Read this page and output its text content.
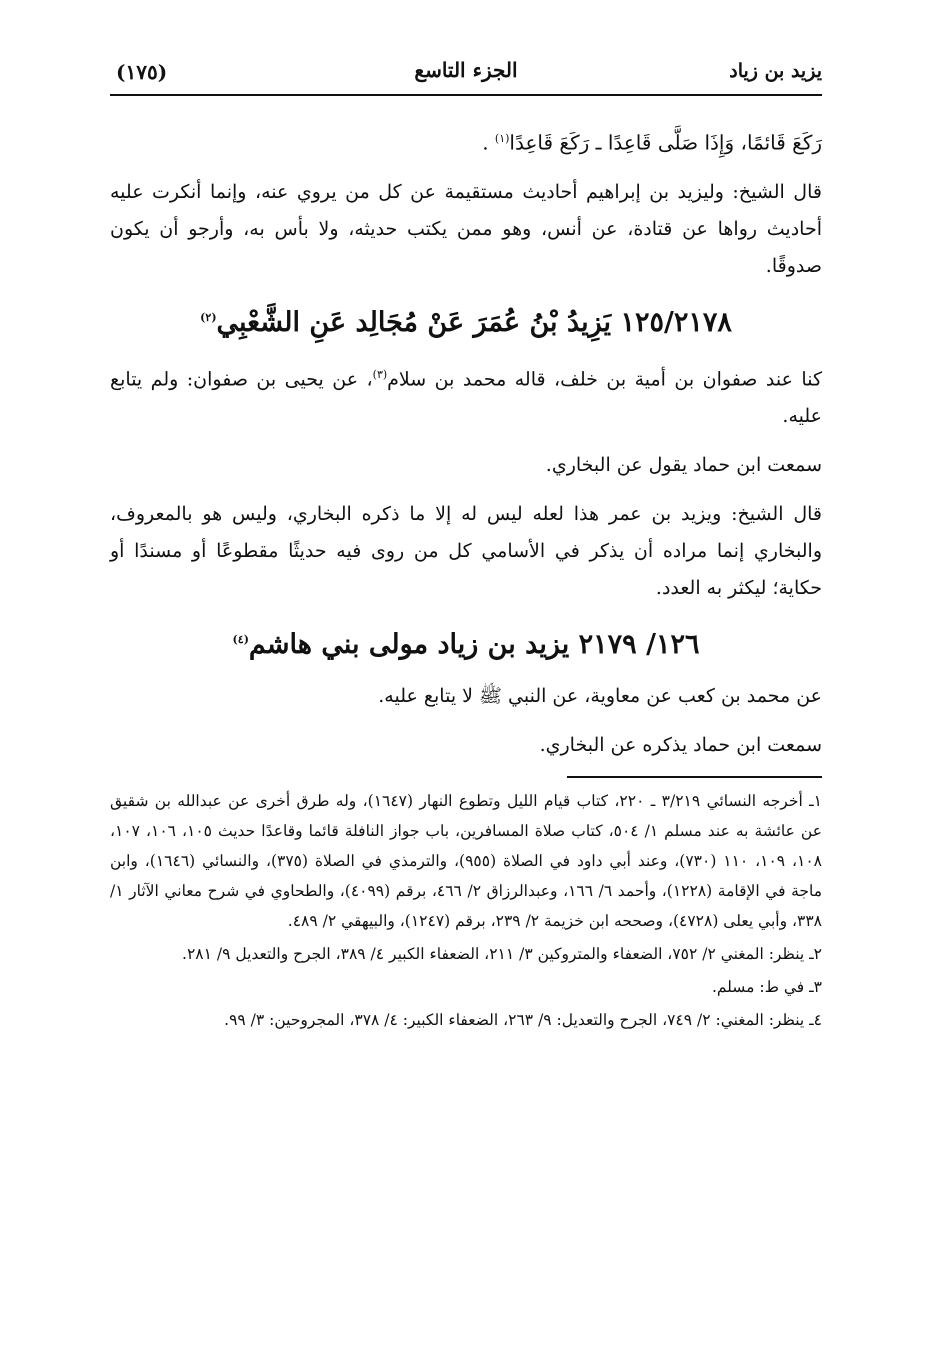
يزيد بن زياد
الجزء التاسع
(١٧٥)

رَكَعَ قَائمًا، وَإِذَا صَلَّى قَاعِدًا ـ رَكَعَ قَاعِدًا$^{(١)}$ .

قال الشيخ: وليزيد بن إبراهيم أحاديث مستقيمة عن كل من يروي عنه، وإنما أنكرت عليه أحاديث رواها عن قتادة، عن أنس، وهو ممن يكتب حديثه، ولا بأس به، وأرجو أن يكون صدوقًا.

١٢٥/٢١٧٨ يَزِيدُ بْنُ عُمَرَ عَنْ مُجَالِد عَنِ الشَّعْبِي$^{(٢)}$

كنا عند صفوان بن أمية بن خلف، قاله محمد بن سلام$^{(٣)}$، عن يحيى بن صفوان: ولم يتابع عليه.

سمعت ابن حماد يقول عن البخاري.

قال الشيخ: ويزيد بن عمر هذا لعله ليس له إلا ما ذكره البخاري، وليس هو بالمعروف، والبخاري إنما مراده أن يذكر في الأسامي كل من روى فيه حديثًا مقطوعًا أو مسندًا أو حكاية؛ ليكثر به العدد.

١٢٦/ ٢١٧٩ يزيد بن زياد مولى بني هاشم$^{(٤)}$

عن محمد بن كعب عن معاوية، عن النبي ﷺ لا يتابع عليه.

سمعت ابن حماد يذكره عن البخاري.

١ـ أخرجه النسائي ٣/٢١٩ ـ ٢٢٠، كتاب قيام الليل وتطوع النهار (١٦٤٧)، وله طرق أخرى عن عبدالله بن شقيق عن عائشة به عند مسلم ١/ ٥٠٤، كتاب صلاة المسافرين، باب جواز النافلة قائما وقاعدًا حديث ١٠٥، ١٠٦، ١٠٧، ١٠٨، ١٠٩، ١١٠ (٧٣٠)، وعند أبي داود في الصلاة (٩٥٥)، والترمذي في الصلاة (٣٧٥)، والنسائي (١٦٤٦)، وابن ماجة في الإقامة (١٢٢٨)، وأحمد ٦/ ١٦٦، وعبدالرزاق ٢/ ٤٦٦، برقم (٤٠٩٩)، والطحاوي في شرح معاني الآثار ١/ ٣٣٨، وأبي يعلى (٤٧٢٨)، وصححه ابن خزيمة ٢/ ٢٣٩، برقم (١٢٤٧)، والبيهقي ٢/ ٤٨٩.

٢ـ ينظر: المغني ٢/ ٧٥٢، الضعفاء والمتروكين ٣/ ٢١١، الضعفاء الكبير ٤/ ٣٨٩، الجرح والتعديل ٩/ ٢٨١.

٣ـ في ط: مسلم.

٤ـ ينظر: المغني: ٢/ ٧٤٩، الجرح والتعديل: ٩/ ٢٦٣، الضعفاء الكبير: ٤/ ٣٧٨، المجروحين: ٣/ ٩٩.
